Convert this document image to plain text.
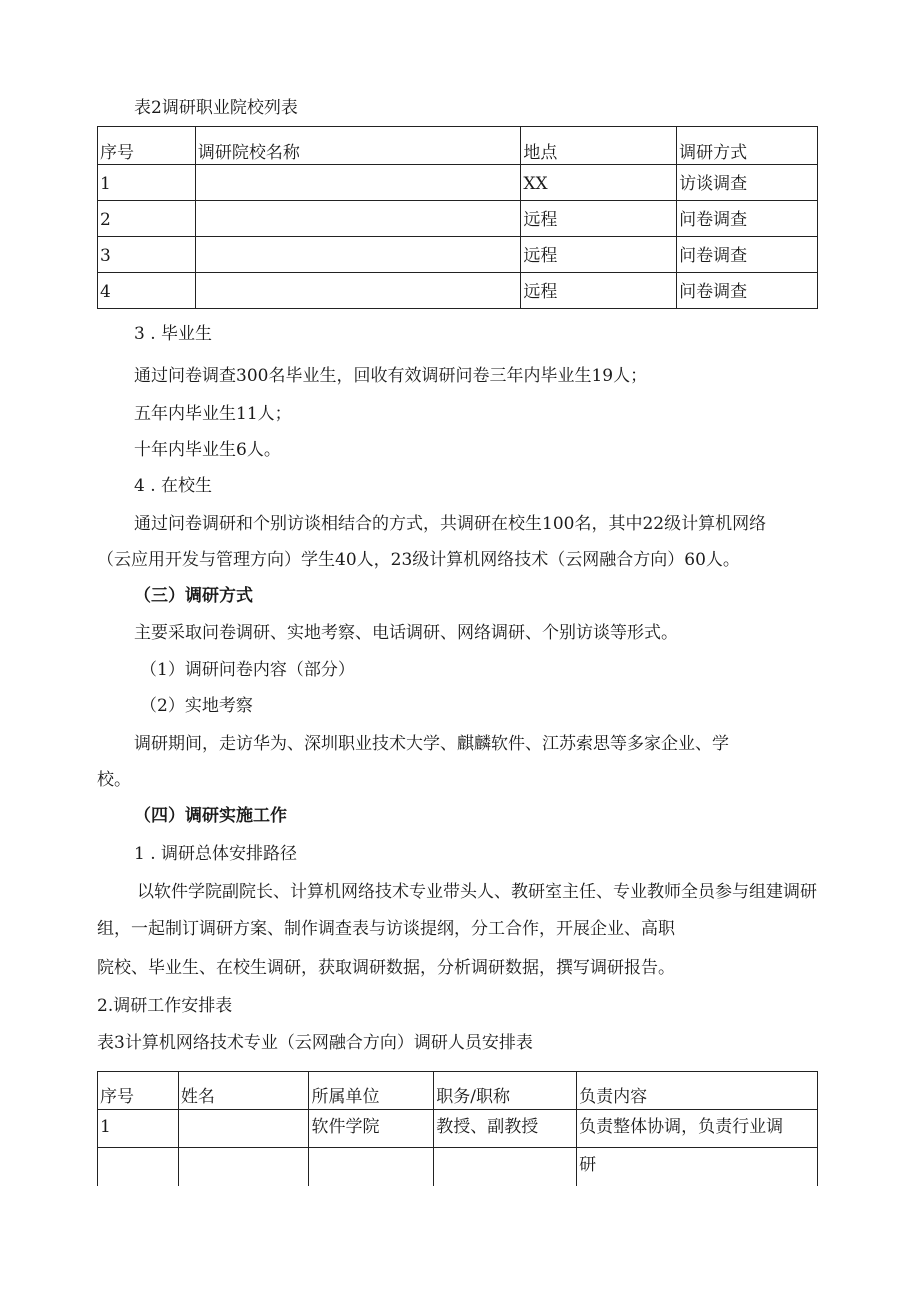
表2调研职业院校列表
序号	调研院校名称	地点	调研方式
1		XX	访谈调查
2		远程	问卷调查
3		远程	问卷调查
4		远程	问卷调查
3 . 毕业生
通过问卷调查300名毕业生，回收有效调研问卷三年内毕业生19人；
五年内毕业生11人；
十年内毕业生6人。
4 . 在校生
通过问卷调研和个别访谈相结合的方式，共调研在校生100名，其中22级计算机网络
（云应用开发与管理方向）学生40人，23级计算机网络技术（云网融合方向）60人。
（三）调研方式
主要采取问卷调研、实地考察、电话调研、网络调研、个别访谈等形式。
（1）调研问卷内容（部分）
（2）实地考察
调研期间，走访华为、深圳职业技术大学、麒麟软件、江苏索思等多家企业、学
校。
（四）调研实施工作
1 . 调研总体安排路径
以软件学院副院长、计算机网络技术专业带头人、教研室主任、专业教师全员参与组建调研
组，一起制订调研方案、制作调查表与访谈提纲，分工合作，开展企业、高职
院校、毕业生、在校生调研，获取调研数据，分析调研数据，撰写调研报告。
2.调研工作安排表
表3计算机网络技术专业（云网融合方向）调研人员安排表
序号	姓名	所属单位	职务/职称	负责内容
1		软件学院	教授、副教授	负责整体协调，负责行业调
				研
